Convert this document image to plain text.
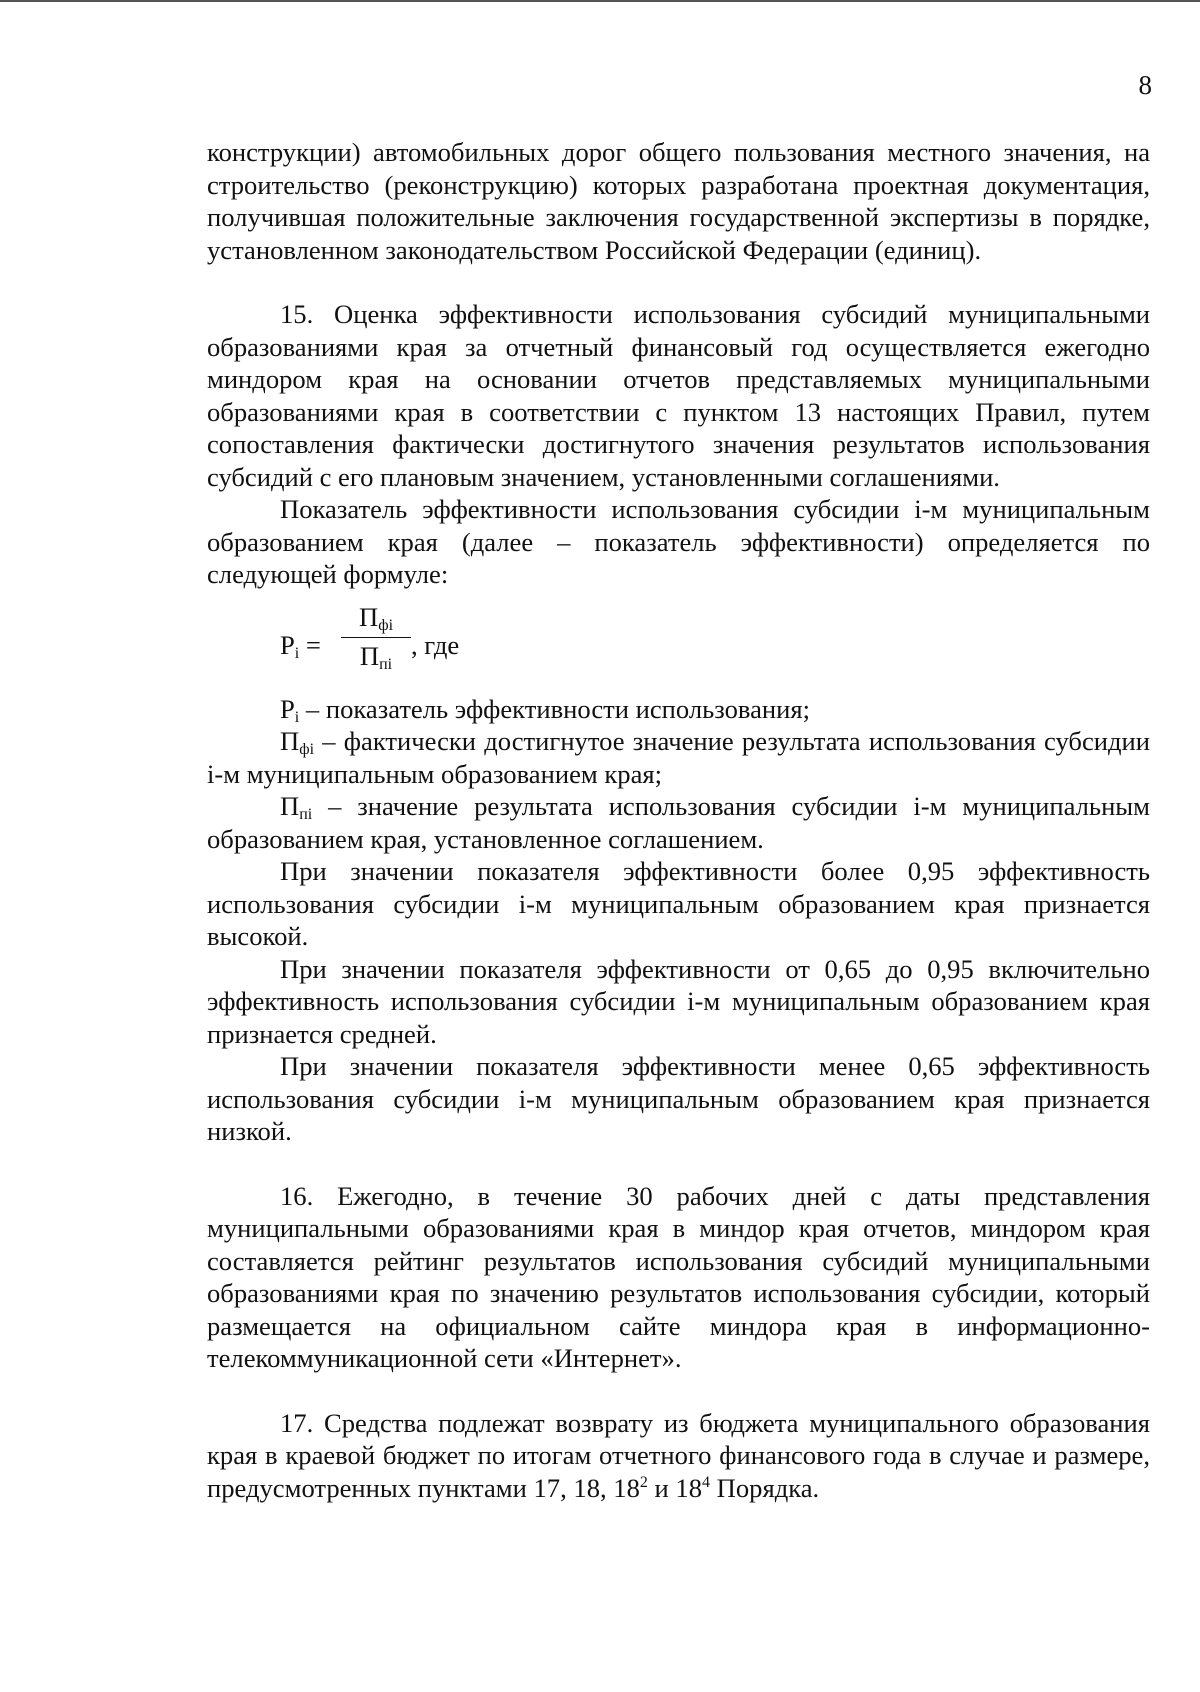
8

конструкции) автомобильных дорог общего пользования местного значения, на строительство (реконструкцию) которых разработана проектная документация, получившая положительные заключения государственной экспертизы в порядке, установленном законодательством Российской Федерации (единиц).

15. Оценка эффективности использования субсидий муниципальными образованиями края за отчетный финансовый год осуществляется ежегодно миндором края на основании отчетов представляемых муниципальными образованиями края в соответствии с пунктом 13 настоящих Правил, путем сопоставления фактически достигнутого значения результатов использования субсидий с его плановым значением, установленными соглашениями.

Показатель эффективности использования субсидии i-м муниципальным образованием края (далее – показатель эффективности) определяется по следующей формуле:

$P_i$ =
$П_{фi}$
$П_{пi}$
, где

$P_i$ – показатель эффективности использования;

$П_{фi}$ – фактически достигнутое значение результата использования субсидии i-м муниципальным образованием края;

$П_{пi}$ – значение результата использования субсидии i-м муниципальным образованием края, установленное соглашением.

При значении показателя эффективности более 0,95 эффективность использования субсидии i-м муниципальным образованием края признается высокой.

При значении показателя эффективности от 0,65 до 0,95 включительно эффективность использования субсидии i-м муниципальным образованием края признается средней.

При значении показателя эффективности менее 0,65 эффективность использования субсидии i-м муниципальным образованием края признается низкой.

16. Ежегодно, в течение 30 рабочих дней с даты представления муниципальными образованиями края в миндор края отчетов, миндором края составляется рейтинг результатов использования субсидий муниципальными образованиями края по значению результатов использования субсидии, который размещается на официальном сайте миндора края в информационно-телекоммуникационной сети «Интернет».

17. Средства подлежат возврату из бюджета муниципального образования края в краевой бюджет по итогам отчетного финансового года в случае и размере, предусмотренных пунктами 17, 18, $18^2$ и $18^4$ Порядка.
